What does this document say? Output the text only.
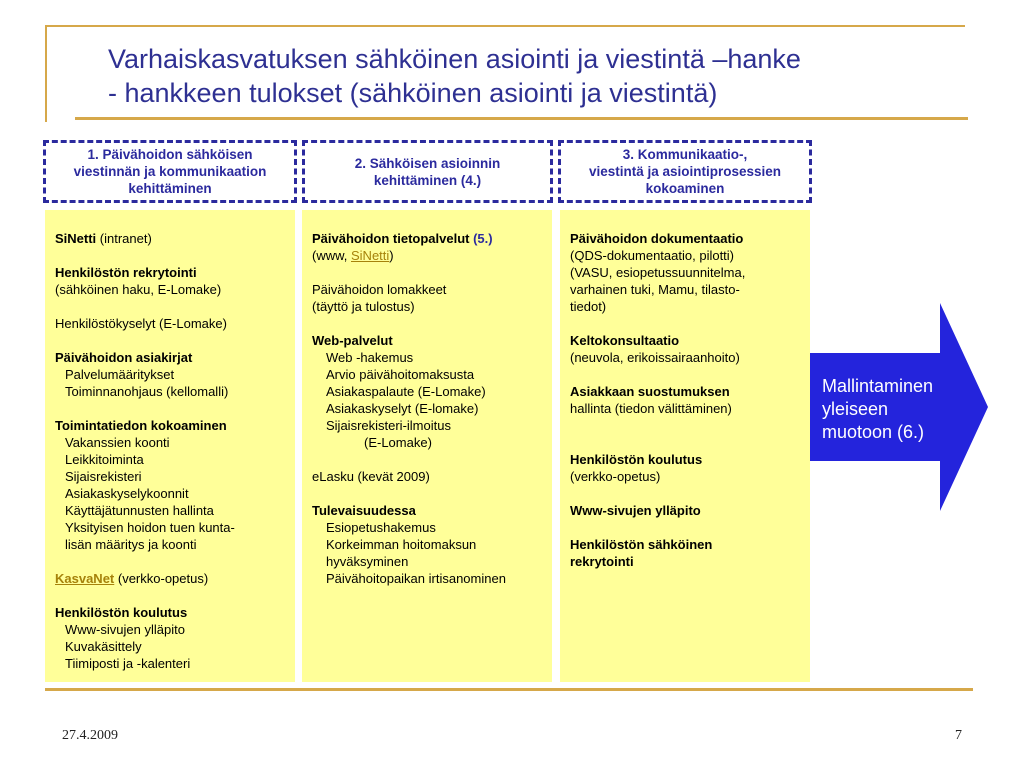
Varhaiskasvatuksen sähköinen asiointi ja viestintä –hanke
- hankkeen tulokset (sähköinen asiointi ja viestintä)
1. Päivähoidon sähköisen
viestinnän ja kommunikaation
kehittäminen
2. Sähköisen asioinnin
kehittäminen (4.)
3. Kommunikaatio-,
viestintä ja asiointiprosessien
kokoaminen

SiNetti (intranet)

Henkilöstön rekrytointi

(sähköinen haku, E-Lomake)

Henkilöstökyselyt (E-Lomake)

Päivähoidon asiakirjat

Palvelumääritykset

Toiminnanohjaus (kellomalli)

Toimintatiedon kokoaminen

Vakanssien koonti

Leikkitoiminta

Sijaisrekisteri

Asiakaskyselykoonnit

Käyttäjätunnusten hallinta

Yksityisen hoidon tuen kunta-

lisän määritys ja koonti

KasvaNet (verkko-opetus)

Henkilöstön koulutus

Www-sivujen ylläpito

Kuvakäsittely

Tiimiposti ja -kalenteri

Päivähoidon tietopalvelut (5.)

(www, SiNetti)

Päivähoidon lomakkeet

(täyttö ja tulostus)

Web-palvelut

Web -hakemus

Arvio päivähoitomaksusta

Asiakaspalaute (E-Lomake)

Asiakaskyselyt (E-lomake)

Sijaisrekisteri-ilmoitus

(E-Lomake)

eLasku (kevät 2009)

Tulevaisuudessa

Esiopetushakemus

Korkeimman hoitomaksun

hyväksyminen

Päivähoitopaikan irtisanominen

Päivähoidon dokumentaatio

(QDS-dokumentaatio, pilotti)

(VASU, esiopetussuunnitelma,

varhainen tuki, Mamu, tilasto-

tiedot)

Keltokonsultaatio

(neuvola, erikoissairaanhoito)

Asiakkaan suostumuksen

hallinta (tiedon välittäminen)

Henkilöstön koulutus

(verkko-opetus)

Www-sivujen ylläpito

Henkilöstön sähköinen

rekrytointi

Mallintaminen
yleiseen
muotoon (6.)
27.4.2009	7
